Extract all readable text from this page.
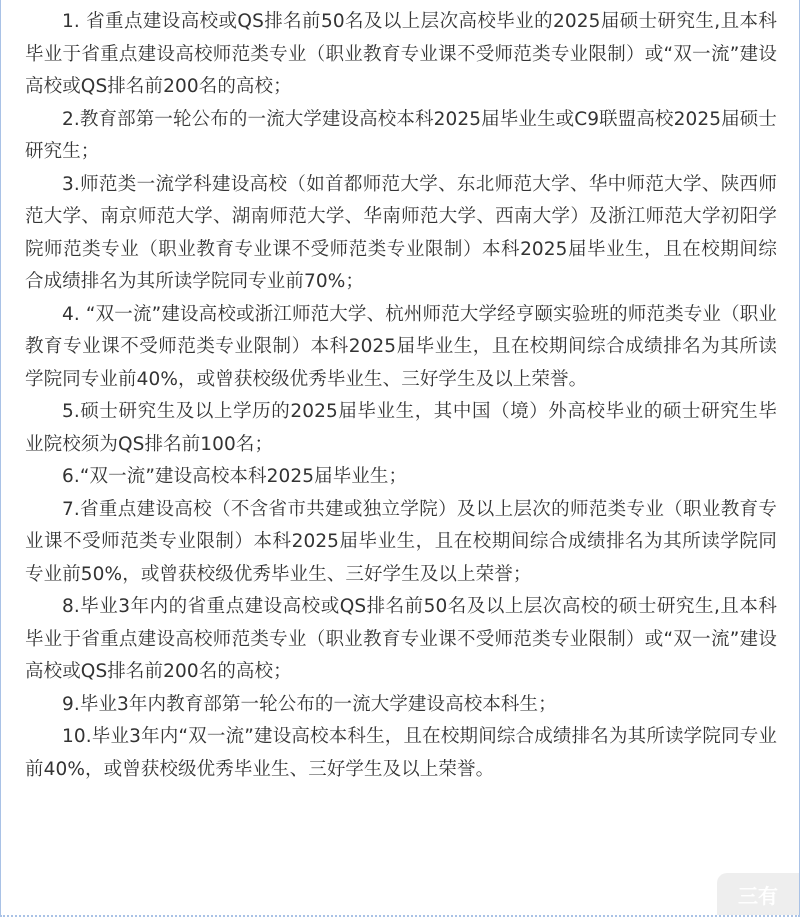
1. 省重点建设高校或QS排名前50名及以上层次高校毕业的2025届硕士研究生,且本科毕业于省重点建设高校师范类专业（职业教育专业课不受师范类专业限制）或“双一流”建设高校或QS排名前200名的高校；

2.教育部第一轮公布的一流大学建设高校本科2025届毕业生或C9联盟高校2025届硕士研究生；

3.师范类一流学科建设高校（如首都师范大学、东北师范大学、华中师范大学、陕西师范大学、南京师范大学、湖南师范大学、华南师范大学、西南大学）及浙江师范大学初阳学院师范类专业（职业教育专业课不受师范类专业限制）本科2025届毕业生，且在校期间综合成绩排名为其所读学院同专业前70%；

4. “双一流”建设高校或浙江师范大学、杭州师范大学经亨颐实验班的师范类专业（职业教育专业课不受师范类专业限制）本科2025届毕业生，且在校期间综合成绩排名为其所读学院同专业前40%，或曾获校级优秀毕业生、三好学生及以上荣誉。

5.硕士研究生及以上学历的2025届毕业生，其中国（境）外高校毕业的硕士研究生毕业院校须为QS排名前100名；

6.“双一流”建设高校本科2025届毕业生；

7.省重点建设高校（不含省市共建或独立学院）及以上层次的师范类专业（职业教育专业课不受师范类专业限制）本科2025届毕业生，且在校期间综合成绩排名为其所读学院同专业前50%，或曾获校级优秀毕业生、三好学生及以上荣誉；

8.毕业3年内的省重点建设高校或QS排名前50名及以上层次高校的硕士研究生,且本科毕业于省重点建设高校师范类专业（职业教育专业课不受师范类专业限制）或“双一流”建设高校或QS排名前200名的高校；

9.毕业3年内教育部第一轮公布的一流大学建设高校本科生；

10.毕业3年内“双一流”建设高校本科生，且在校期间综合成绩排名为其所读学院同专业前40%，或曾获校级优秀毕业生、三好学生及以上荣誉。

三有
